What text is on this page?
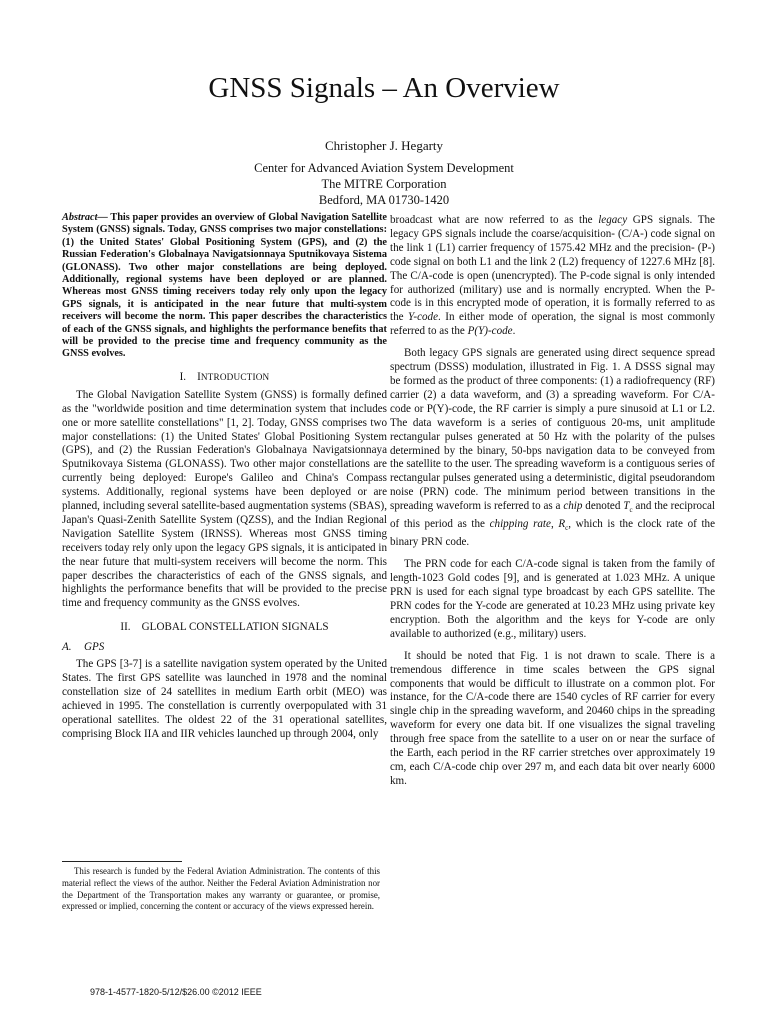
GNSS Signals – An Overview
Christopher J. Hegarty
Center for Advanced Aviation System Development
The MITRE Corporation
Bedford, MA 01730-1420

Abstract— This paper provides an overview of Global Navigation Satellite System (GNSS) signals. Today, GNSS comprises two major constellations: (1) the United States' Global Positioning System (GPS), and (2) the Russian Federation's Globalnaya Navigatsionnaya Sputnikovaya Sistema (GLONASS). Two other major constellations are being deployed. Additionally, regional systems have been deployed or are planned. Whereas most GNSS timing receivers today rely only upon the legacy GPS signals, it is anticipated in the near future that multi-system receivers will become the norm. This paper describes the characteristics of each of the GNSS signals, and highlights the performance benefits that will be provided to the precise time and frequency community as the GNSS evolves.

I. INTRODUCTION

The Global Navigation Satellite System (GNSS) is formally defined as the "worldwide position and time determination system that includes one or more satellite constellations" [1, 2]. Today, GNSS comprises two major constellations: (1) the United States' Global Positioning System (GPS), and (2) the Russian Federation's Globalnaya Navigatsionnaya Sputnikovaya Sistema (GLONASS). Two other major constellations are currently being deployed: Europe's Galileo and China's Compass systems. Additionally, regional systems have been deployed or are planned, including several satellite-based augmentation systems (SBAS), Japan's Quasi-Zenith Satellite System (QZSS), and the Indian Regional Navigation Satellite System (IRNSS). Whereas most GNSS timing receivers today rely only upon the legacy GPS signals, it is anticipated in the near future that multi-system receivers will become the norm. This paper describes the characteristics of each of the GNSS signals, and highlights the performance benefits that will be provided to the precise time and frequency community as the GNSS evolves.

II. GLOBAL CONSTELLATION SIGNALS
A. GPS

The GPS [3-7] is a satellite navigation system operated by the United States. The first GPS satellite was launched in 1978 and the nominal constellation size of 24 satellites in medium Earth orbit (MEO) was achieved in 1995. The constellation is currently overpopulated with 31 operational satellites. The oldest 22 of the 31 operational satellites, comprising Block IIA and IIR vehicles launched up through 2004, only

broadcast what are now referred to as the legacy GPS signals. The legacy GPS signals include the coarse/acquisition- (C/A-) code signal on the link 1 (L1) carrier frequency of 1575.42 MHz and the precision- (P-) code signal on both L1 and the link 2 (L2) frequency of 1227.6 MHz [8]. The C/A-code is open (unencrypted). The P-code signal is only intended for authorized (military) use and is normally encrypted. When the P-code is in this encrypted mode of operation, it is formally referred to as the Y-code. In either mode of operation, the signal is most commonly referred to as the P(Y)-code.

Both legacy GPS signals are generated using direct sequence spread spectrum (DSSS) modulation, illustrated in Fig. 1. A DSSS signal may be formed as the product of three components: (1) a radiofrequency (RF) carrier (2) a data waveform, and (3) a spreading waveform. For C/A-code or P(Y)-code, the RF carrier is simply a pure sinusoid at L1 or L2. The data waveform is a series of contiguous 20-ms, unit amplitude rectangular pulses generated at 50 Hz with the polarity of the pulses determined by the binary, 50-bps navigation data to be conveyed from the satellite to the user. The spreading waveform is a contiguous series of rectangular pulses generated using a deterministic, digital pseudorandom noise (PRN) code. The minimum period between transitions in the spreading waveform is referred to as a chip denoted $T_c$ and the reciprocal of this period as the chipping rate, $R_c$, which is the clock rate of the binary PRN code.

The PRN code for each C/A-code signal is taken from the family of length-1023 Gold codes [9], and is generated at 1.023 MHz. A unique PRN is used for each signal type broadcast by each GPS satellite. The PRN codes for the Y-code are generated at 10.23 MHz using private key encryption. Both the algorithm and the keys for Y-code are only available to authorized (e.g., military) users.

It should be noted that Fig. 1 is not drawn to scale. There is a tremendous difference in time scales between the GPS signal components that would be difficult to illustrate on a common plot. For instance, for the C/A-code there are 1540 cycles of RF carrier for every single chip in the spreading waveform, and 20460 chips in the spreading waveform for every one data bit. If one visualizes the signal traveling through free space from the satellite to a user on or near the surface of the Earth, each period in the RF carrier stretches over approximately 19 cm, each C/A-code chip over 297 m, and each data bit over nearly 6000 km.

This research is funded by the Federal Aviation Administration. The contents of this material reflect the views of the author. Neither the Federal Aviation Administration nor the Department of the Transportation makes any warranty or guarantee, or promise, expressed or implied, concerning the content or accuracy of the views expressed herein.

978-1-4577-1820-5/12/$26.00 ©2012 IEEE
